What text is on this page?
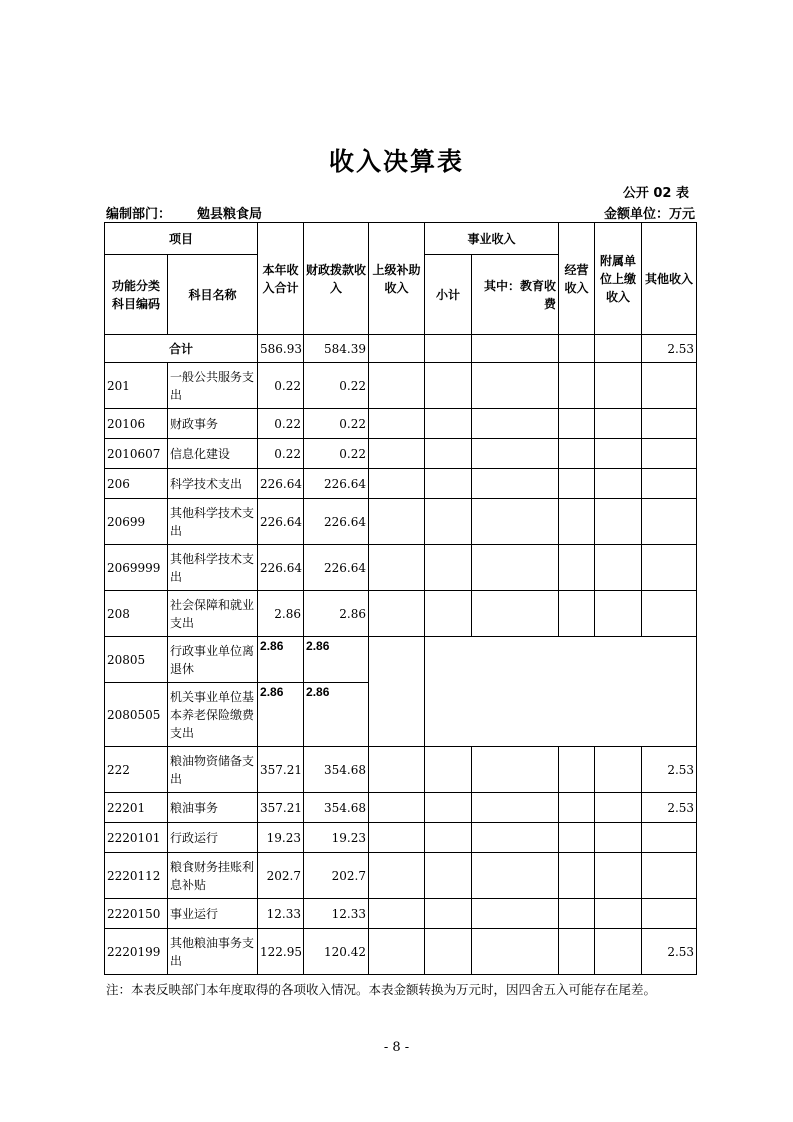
收入决算表
公开 02 表
编制部门： 勉县粮食局	金额单位：万元
项目		本年收入合计	财政拨款收入	上级补助收入	事业收入		经营收入	附属单位上缴收入	其他收入
功能分类科目编码	科目名称				小计	其中：教育收费			
合计		586.93	584.39						2.53
201	一般公共服务支出	0.22	0.22						
20106	财政事务	0.22	0.22						
2010607	信息化建设	0.22	0.22						
206	科学技术支出	226.64	226.64						
20699	其他科学技术支出	226.64	226.64						
2069999	其他科学技术支出	226.64	226.64						
208	社会保障和就业支出	2.86	2.86						
20805	行政事业单位离退休	2.86	2.86						
2080505	机关事业单位基本养老保险缴费支出	2.86	2.86						
222	粮油物资储备支出	357.21	354.68						2.53
22201	粮油事务	357.21	354.68						2.53
2220101	行政运行	19.23	19.23						
2220112	粮食财务挂账利息补贴	202.7	202.7						
2220150	事业运行	12.33	12.33						
2220199	其他粮油事务支出	122.95	120.42						2.53
注：本表反映部门本年度取得的各项收入情况。本表金额转换为万元时，因四舍五入可能存在尾差。
- 8 -
